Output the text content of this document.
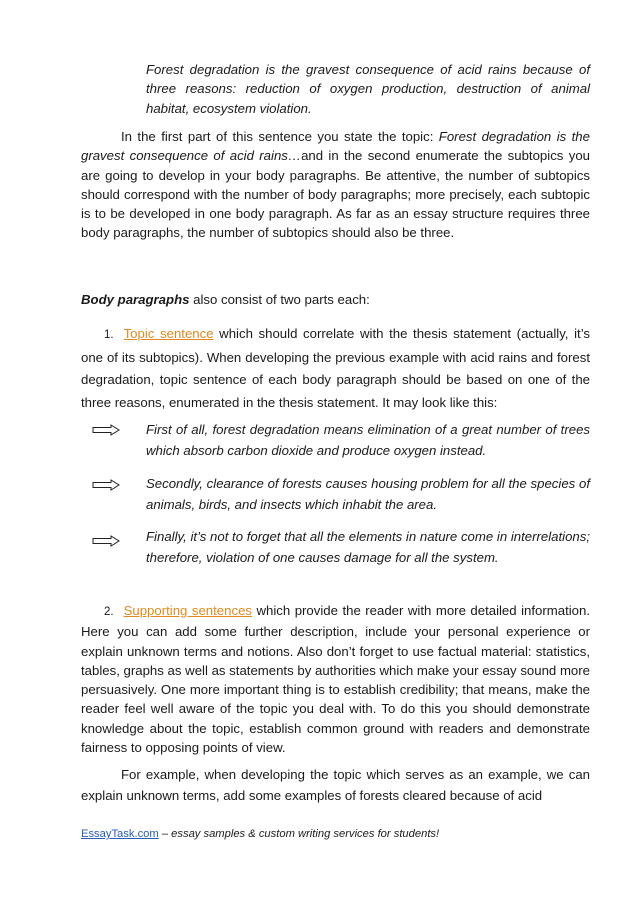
Forest degradation is the gravest consequence of acid rains because of three reasons: reduction of oxygen production, destruction of animal habitat, ecosystem violation.
In the first part of this sentence you state the topic: Forest degradation is the gravest consequence of acid rains…and in the second enumerate the subtopics you are going to develop in your body paragraphs. Be attentive, the number of subtopics should correspond with the number of body paragraphs; more precisely, each subtopic is to be developed in one body paragraph. As far as an essay structure requires three body paragraphs, the number of subtopics should also be three.
Body paragraphs also consist of two parts each:
1. Topic sentence which should correlate with the thesis statement (actually, it’s one of its subtopics). When developing the previous example with acid rains and forest degradation, topic sentence of each body paragraph should be based on one of the three reasons, enumerated in the thesis statement. It may look like this:
First of all, forest degradation means elimination of a great number of trees which absorb carbon dioxide and produce oxygen instead.
Secondly, clearance of forests causes housing problem for all the species of animals, birds, and insects which inhabit the area.
Finally, it’s not to forget that all the elements in nature come in interrelations; therefore, violation of one causes damage for all the system.
2. Supporting sentences which provide the reader with more detailed information. Here you can add some further description, include your personal experience or explain unknown terms and notions. Also don’t forget to use factual material: statistics, tables, graphs as well as statements by authorities which make your essay sound more persuasively. One more important thing is to establish credibility; that means, make the reader feel well aware of the topic you deal with. To do this you should demonstrate knowledge about the topic, establish common ground with readers and demonstrate fairness to opposing points of view.
For example, when developing the topic which serves as an example, we can explain unknown terms, add some examples of forests cleared because of acid
EssayTask.com – essay samples & custom writing services for students!
